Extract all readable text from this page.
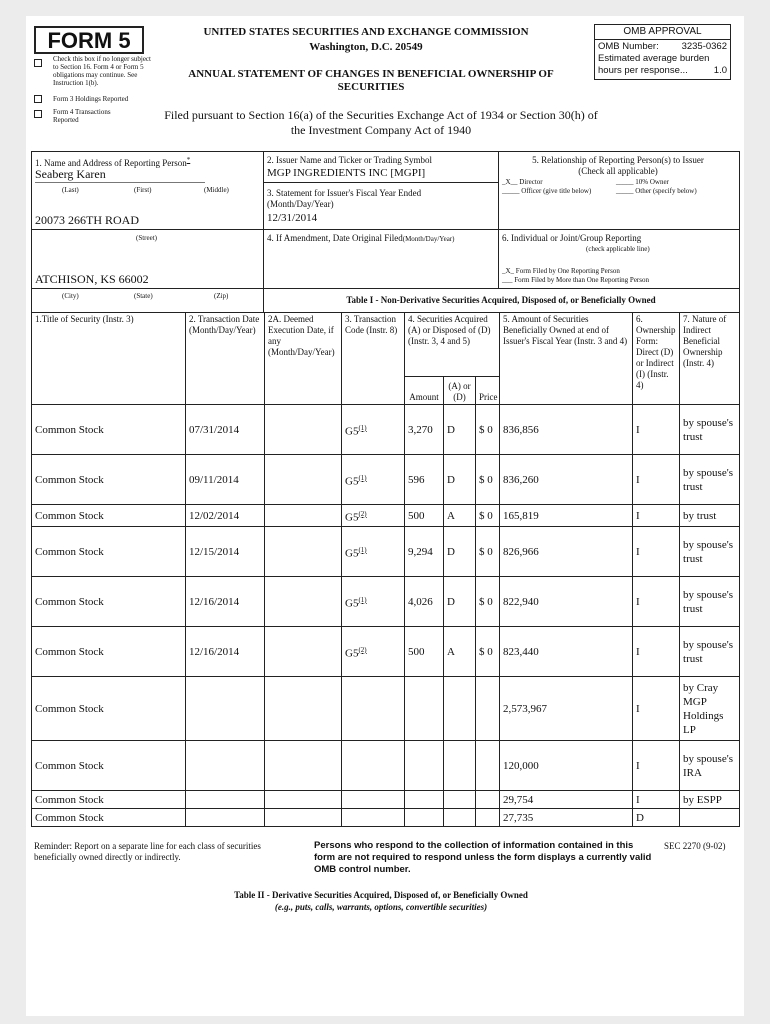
FORM 5
Check this box if no longer subject to Section 16. Form 4 or Form 5 obligations may continue. See Instruction 1(b).
Form 3 Holdings Reported
Form 4 Transactions Reported
UNITED STATES SECURITIES AND EXCHANGE COMMISSION
Washington, D.C. 20549
ANNUAL STATEMENT OF CHANGES IN BENEFICIAL OWNERSHIP OF SECURITIES
OMB APPROVAL
OMB Number: 3235-0362
Estimated average burden
hours per response...	1.0
Filed pursuant to Section 16(a) of the Securities Exchange Act of 1934 or Section 30(h) of
the Investment Company Act of 1940
1. Name and Address of Reporting Person*
Seaberg Karen
(Last)	(First)	(Middle)
20073 266TH ROAD
(Street)
ATCHISON, KS 66002
(City)	(State)	(Zip)
2. Issuer Name and Ticker or Trading Symbol
MGP INGREDIENTS INC [MGPI]
3. Statement for Issuer's Fiscal Year Ended (Month/Day/Year)
12/31/2014
4. If Amendment, Date Original Filed(Month/Day/Year)
5. Relationship of Reporting Person(s) to Issuer
(Check all applicable)
_X__ Director	_____ 10% Owner
_____ Officer (give title below)	_____ Other (specify below)
6. Individual or Joint/Group Reporting
(check applicable line)
_X_ Form Filed by One Reporting Person
___ Form Filed by More than One Reporting Person
Table I - Non-Derivative Securities Acquired, Disposed of, or Beneficially Owned
1.Title of Security (Instr. 3)	2. Transaction Date (Month/Day/Year)	2A. Deemed Execution Date, if any (Month/Day/Year)	3. Transaction Code (Instr. 8)	4. Securities Acquired (A) or Disposed of (D) (Instr. 3, 4 and 5)			5. Amount of Securities Beneficially Owned at end of Issuer's Fiscal Year (Instr. 3 and 4)	6. Ownership Form: Direct (D) or Indirect (I) (Instr. 4)	7. Nature of Indirect Beneficial Ownership (Instr. 4)
				Amount	(A) or (D)	Price			
Common Stock	07/31/2014		G5$^{(1)}$	3,270	D	$ 0	836,856	I	by spouse's trust
Common Stock	09/11/2014		G5$^{(1)}$	596	D	$ 0	836,260	I	by spouse's trust
Common Stock	12/02/2014		G5$^{(2)}$	500	A	$ 0	165,819	I	by trust
Common Stock	12/15/2014		G5$^{(1)}$	9,294	D	$ 0	826,966	I	by spouse's trust
Common Stock	12/16/2014		G5$^{(1)}$	4,026	D	$ 0	822,940	I	by spouse's trust
Common Stock	12/16/2014		G5$^{(2)}$	500	A	$ 0	823,440	I	by spouse's trust
Common Stock							2,573,967	I	by Cray MGP Holdings LP
Common Stock							120,000	I	by spouse's IRA
Common Stock							29,754	I	by ESPP
Common Stock							27,735	D	
Reminder: Report on a separate line for each class of securities beneficially owned directly or indirectly.
Persons who respond to the collection of information contained in this form are not required to respond unless the form displays a currently valid OMB control number.
SEC 2270 (9-02)
Table II - Derivative Securities Acquired, Disposed of, or Beneficially Owned
(e.g., puts, calls, warrants, options, convertible securities)
